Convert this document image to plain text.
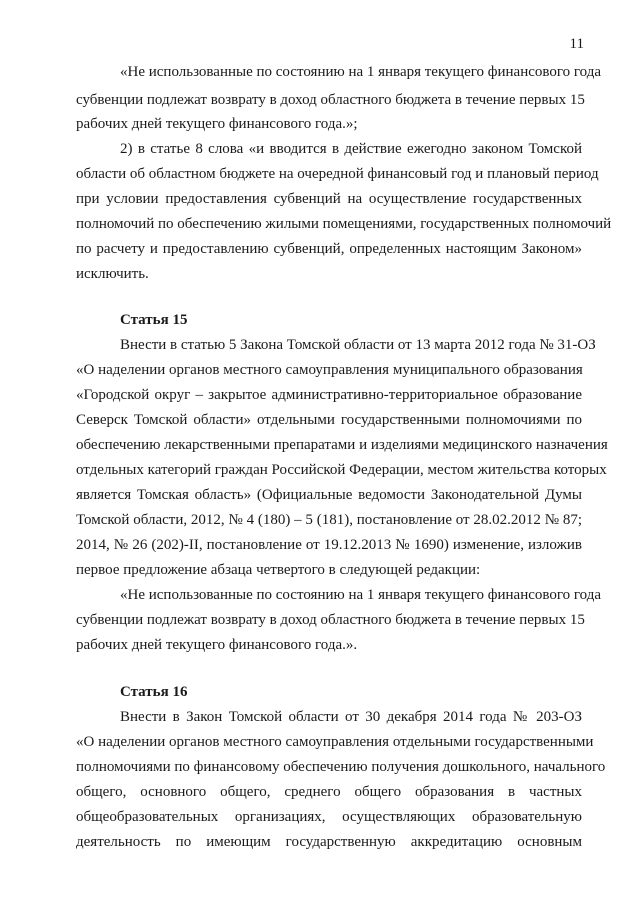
11
«Не использованные по состоянию на 1 января текущего финансового года
субвенции подлежат возврату в доход областного бюджета в течение первых 15
рабочих дней текущего финансового года.»;
2) в статье 8 слова «и вводится в действие ежегодно законом Томской
области об областном бюджете на очередной финансовый год и плановый период
при условии предоставления субвенций на осуществление государственных
полномочий по обеспечению жилыми помещениями, государственных полномочий
по расчету и предоставлению субвенций, определенных настоящим Законом»
исключить.
Статья 15
Внести в статью 5 Закона Томской области от 13 марта 2012 года № 31-ОЗ
«О наделении органов местного самоуправления муниципального образования
«Городской округ – закрытое административно-территориальное образование
Северск Томской области» отдельными государственными полномочиями по
обеспечению лекарственными препаратами и изделиями медицинского назначения
отдельных категорий граждан Российской Федерации, местом жительства которых
является Томская область» (Официальные ведомости Законодательной Думы
Томской области, 2012, № 4 (180) – 5 (181), постановление от 28.02.2012 № 87;
2014, № 26 (202)-II, постановление от 19.12.2013 № 1690) изменение, изложив
первое предложение абзаца четвертого в следующей редакции:
«Не использованные по состоянию на 1 января текущего финансового года
субвенции подлежат возврату в доход областного бюджета в течение первых 15
рабочих дней текущего финансового года.».
Статья 16
Внести в Закон Томской области от 30 декабря 2014 года № 203-ОЗ
«О наделении органов местного самоуправления отдельными государственными
полномочиями по финансовому обеспечению получения дошкольного, начального
общего, основного общего, среднего общего образования в частных
общеобразовательных организациях, осуществляющих образовательную
деятельность по имеющим государственную аккредитацию основным
